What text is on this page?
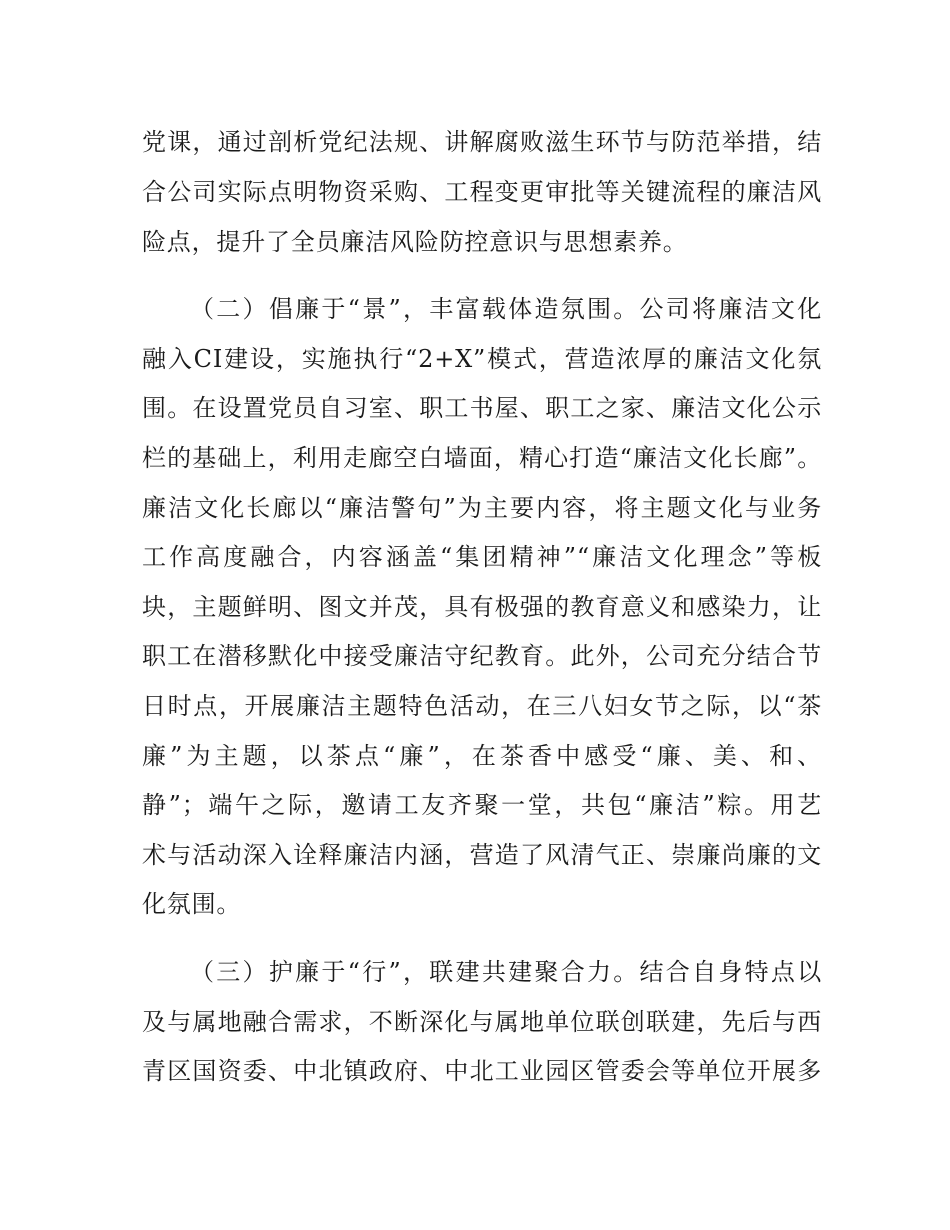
党课，通过剖析党纪法规、讲解腐败滋生环节与防范举措，结
合公司实际点明物资采购、工程变更审批等关键流程的廉洁风
险点，提升了全员廉洁风险防控意识与思想素养。
（二）倡廉于“景”，丰富载体造氛围。公司将廉洁文化
融入CI建设，实施执行“2+X”模式，营造浓厚的廉洁文化氛
围。在设置党员自习室、职工书屋、职工之家、廉洁文化公示
栏的基础上，利用走廊空白墙面，精心打造“廉洁文化长廊”。
廉洁文化长廊以“廉洁警句”为主要内容，将主题文化与业务
工作高度融合，内容涵盖“集团精神”“廉洁文化理念”等板
块，主题鲜明、图文并茂，具有极强的教育意义和感染力，让
职工在潜移默化中接受廉洁守纪教育。此外，公司充分结合节
日时点，开展廉洁主题特色活动，在三八妇女节之际，以“茶
廉”为主题，以茶点“廉”，在茶香中感受“廉、美、和、
静”；端午之际，邀请工友齐聚一堂，共包“廉洁”粽。用艺
术与活动深入诠释廉洁内涵，营造了风清气正、崇廉尚廉的文
化氛围。
（三）护廉于“行”，联建共建聚合力。结合自身特点以
及与属地融合需求，不断深化与属地单位联创联建，先后与西
青区国资委、中北镇政府、中北工业园区管委会等单位开展多
